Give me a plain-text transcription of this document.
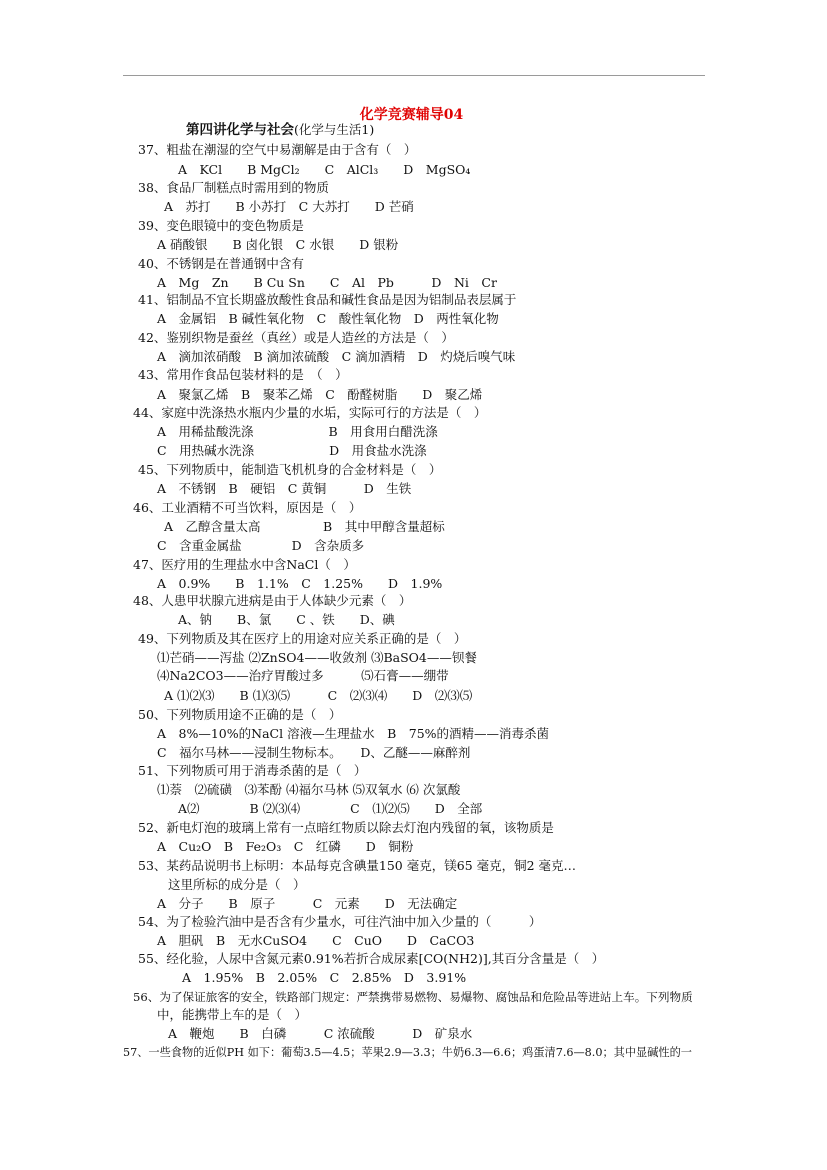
化学竞赛辅导04
第四讲化学与社会(化学与生活1)
37、粗盐在潮湿的空气中易潮解是由于含有（　）
A　KCl　　B MgCl₂　　C　AlCl₃　　D　MgSO₄
38、食品厂制糕点时需用到的物质
A　苏打　　B 小苏打　C 大苏打　　D 芒硝
39、变色眼镜中的变色物质是
A 硝酸银　　B 卤化银　C 水银　　D 银粉
40、不锈钢是在普通钢中含有
A　Mg　Zn　　B Cu Sn　　C　Al　Pb　　　D　Ni　Cr
41、铝制品不宜长期盛放酸性食品和碱性食品是因为铝制品表层属于
A　金属铝　B 碱性氧化物　C　酸性氧化物　D　两性氧化物
42、鉴别织物是蚕丝（真丝）或是人造丝的方法是（　）
A　滴加浓硝酸　B 滴加浓硫酸　C 滴加酒精　D　灼烧后嗅气味
43、常用作食品包装材料的是　（　）
A　聚氯乙烯　B　聚苯乙烯　C　酚醛树脂　　D　聚乙烯
44、家庭中洗涤热水瓶内少量的水垢，实际可行的方法是（　）
A　用稀盐酸洗涤　　　　　　B　用食用白醋洗涤
C　用热碱水洗涤　　　　　　D　用食盐水洗涤
45、下列物质中，能制造飞机机身的合金材料是（　）
A　不锈钢　B　硬铝　C 黄铜　　　D　生铁
46、工业酒精不可当饮料，原因是（　）
A　乙醇含量太高　　　　　B　其中甲醇含量超标
C　含重金属盐　　　　D　含杂质多
47、医疗用的生理盐水中含NaCl（　）
A　0.9%　　B　1.1%　C　1.25%　　D　1.9%
48、人患甲状腺亢进病是由于人体缺少元素（　）
A、钠　　B、氯　　C 、铁　　D、碘
49、下列物质及其在医疗上的用途对应关系正确的是（　）
⑴芒硝——泻盐 ⑵ZnSO4——收敛剂 ⑶BaSO4——钡餐
⑷Na2CO3——治疗胃酸过多　　　⑸石膏——绷带
A ⑴⑵⑶　　B ⑴⑶⑸　　　C　⑵⑶⑷　　D　⑵⑶⑸
50、下列物质用途不正确的是（　）
A　8%—10%的NaCl 溶液—生理盐水　B　75%的酒精——消毒杀菌
C　福尔马林——浸制生物标本。　　D、乙醚——麻醉剂
51、下列物质可用于消毒杀菌的是（　）
⑴萘　⑵硫磺　⑶苯酚 ⑷福尔马林 ⑸双氧水 ⑹ 次氯酸
A⑵　　　　B ⑵⑶⑷　　　　C　⑴⑵⑸　　D　全部
52、新电灯泡的玻璃上常有一点暗红物质以除去灯泡内残留的氧，该物质是
A　Cu₂O　B　Fe₂O₃　C　红磷　　D　铜粉
53、某药品说明书上标明：本品每克含碘量150 毫克，镁65 毫克，铜2 毫克…
这里所标的成分是（　）
A　分子　　B　原子　　　C　元素　　D　无法确定
54、为了检验汽油中是否含有少量水，可往汽油中加入少量的（　　　）
A　胆矾　B　无水CuSO4　　C　CuO　　D　CaCO3
55、经化验，人尿中含氮元素0.91%若折合成尿素[CO(NH2)],其百分含量是（　）
A　1.95%　B　2.05%　C　2.85%　D　3.91%
56、为了保证旅客的安全，铁路部门规定：严禁携带易燃物、易爆物、腐蚀品和危险品等进站上车。下列物质
中，能携带上车的是（　）
A　鞭炮　　B　白磷　　　C 浓硫酸　　　D　矿泉水
57、一些食物的近似PH 如下：葡萄3.5—4.5；苹果2.9—3.3；牛奶6.3—6.6；鸡蛋清7.6—8.0；其中显碱性的一
